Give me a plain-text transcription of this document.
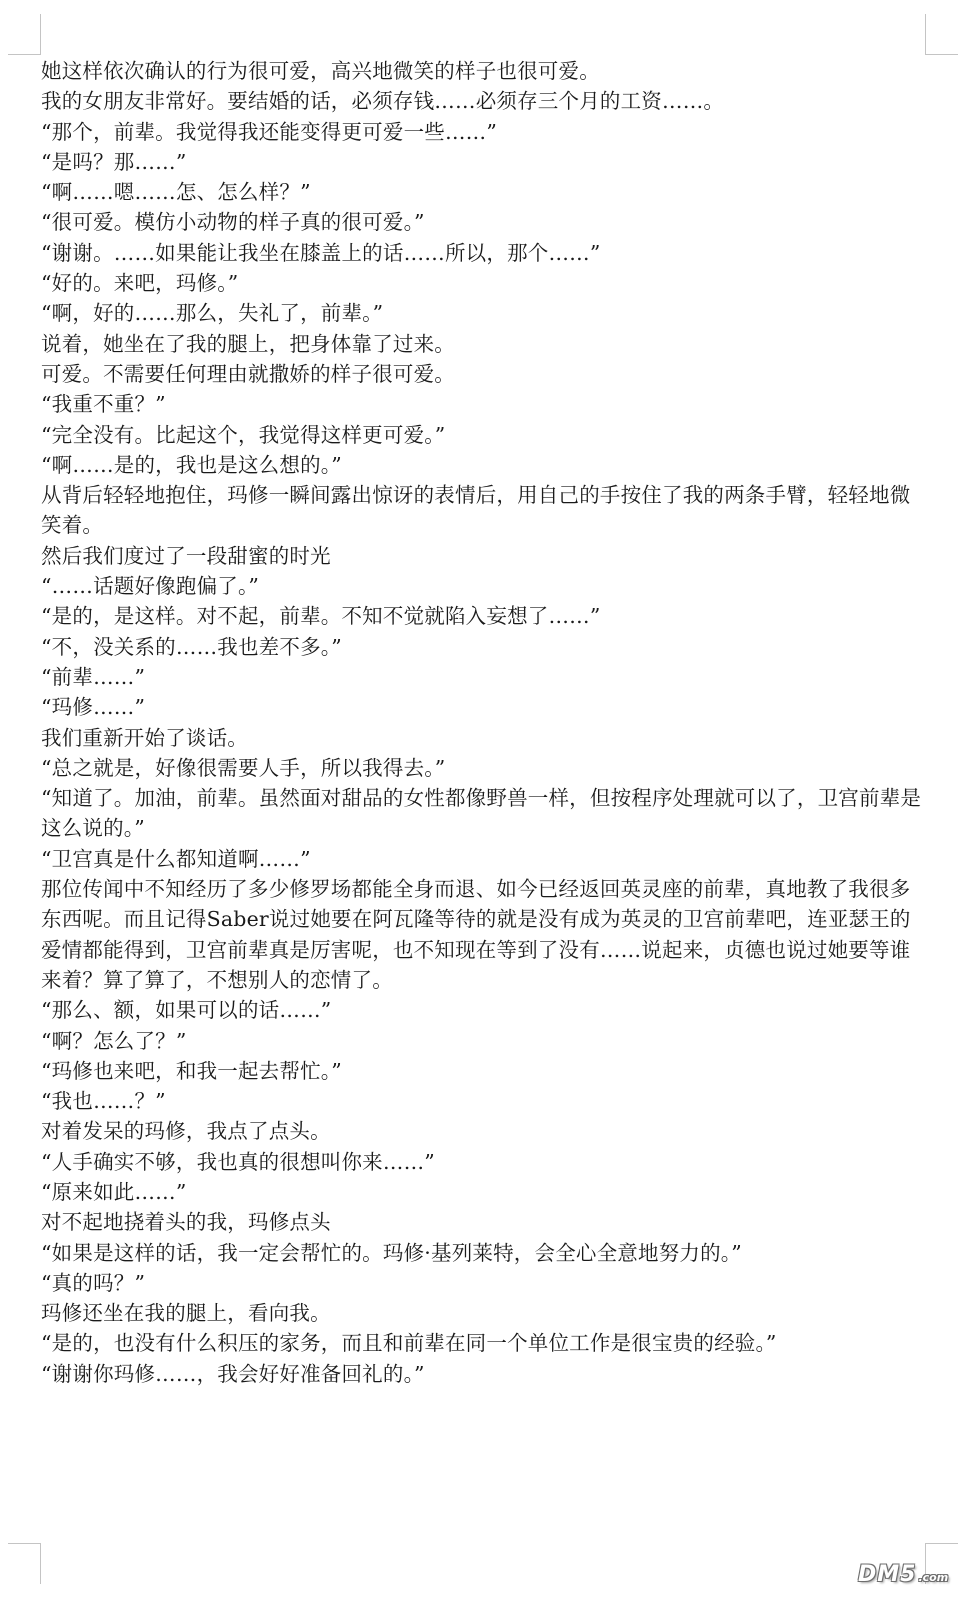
她这样依次确认的行为很可爱，高兴地微笑的样子也很可爱。

我的女朋友非常好。要结婚的话，必须存钱……必须存三个月的工资……。

“那个，前辈。我觉得我还能变得更可爱一些……”

“是吗？那……”

“啊……嗯……怎、怎么样？”

“很可爱。模仿小动物的样子真的很可爱。”

“谢谢。……如果能让我坐在膝盖上的话……所以，那个……”

“好的。来吧，玛修。”

“啊，好的……那么，失礼了，前辈。”

说着，她坐在了我的腿上，把身体靠了过来。

可爱。不需要任何理由就撒娇的样子很可爱。

“我重不重？”

“完全没有。比起这个，我觉得这样更可爱。”

“啊……是的，我也是这么想的。”

从背后轻轻地抱住，玛修一瞬间露出惊讶的表情后，用自己的手按住了我的两条手臂，轻轻地微笑着。

然后我们度过了一段甜蜜的时光

“……话题好像跑偏了。”

“是的，是这样。对不起，前辈。不知不觉就陷入妄想了……”

“不，没关系的……我也差不多。”

“前辈……”

“玛修……”

我们重新开始了谈话。

“总之就是，好像很需要人手，所以我得去。”

“知道了。加油，前辈。虽然面对甜品的女性都像野兽一样，但按程序处理就可以了，卫宫前辈是这么说的。”

“卫宫真是什么都知道啊……”

那位传闻中不知经历了多少修罗场都能全身而退、如今已经返回英灵座的前辈，真地教了我很多东西呢。而且记得Saber说过她要在阿瓦隆等待的就是没有成为英灵的卫宫前辈吧，连亚瑟王的爱情都能得到，卫宫前辈真是厉害呢，也不知现在等到了没有……说起来，贞德也说过她要等谁来着？算了算了，不想别人的恋情了。

“那么、额，如果可以的话……”

“啊？怎么了？”

“玛修也来吧，和我一起去帮忙。”

“我也……？”

对着发呆的玛修，我点了点头。

“人手确实不够，我也真的很想叫你来……”

“原来如此……”

对不起地挠着头的我，玛修点头

“如果是这样的话，我一定会帮忙的。玛修·基列莱特，会全心全意地努力的。”

“真的吗？”

玛修还坐在我的腿上，看向我。

“是的，也没有什么积压的家务，而且和前辈在同一个单位工作是很宝贵的经验。”

“谢谢你玛修……，我会好好准备回礼的。”

DM5 .com
